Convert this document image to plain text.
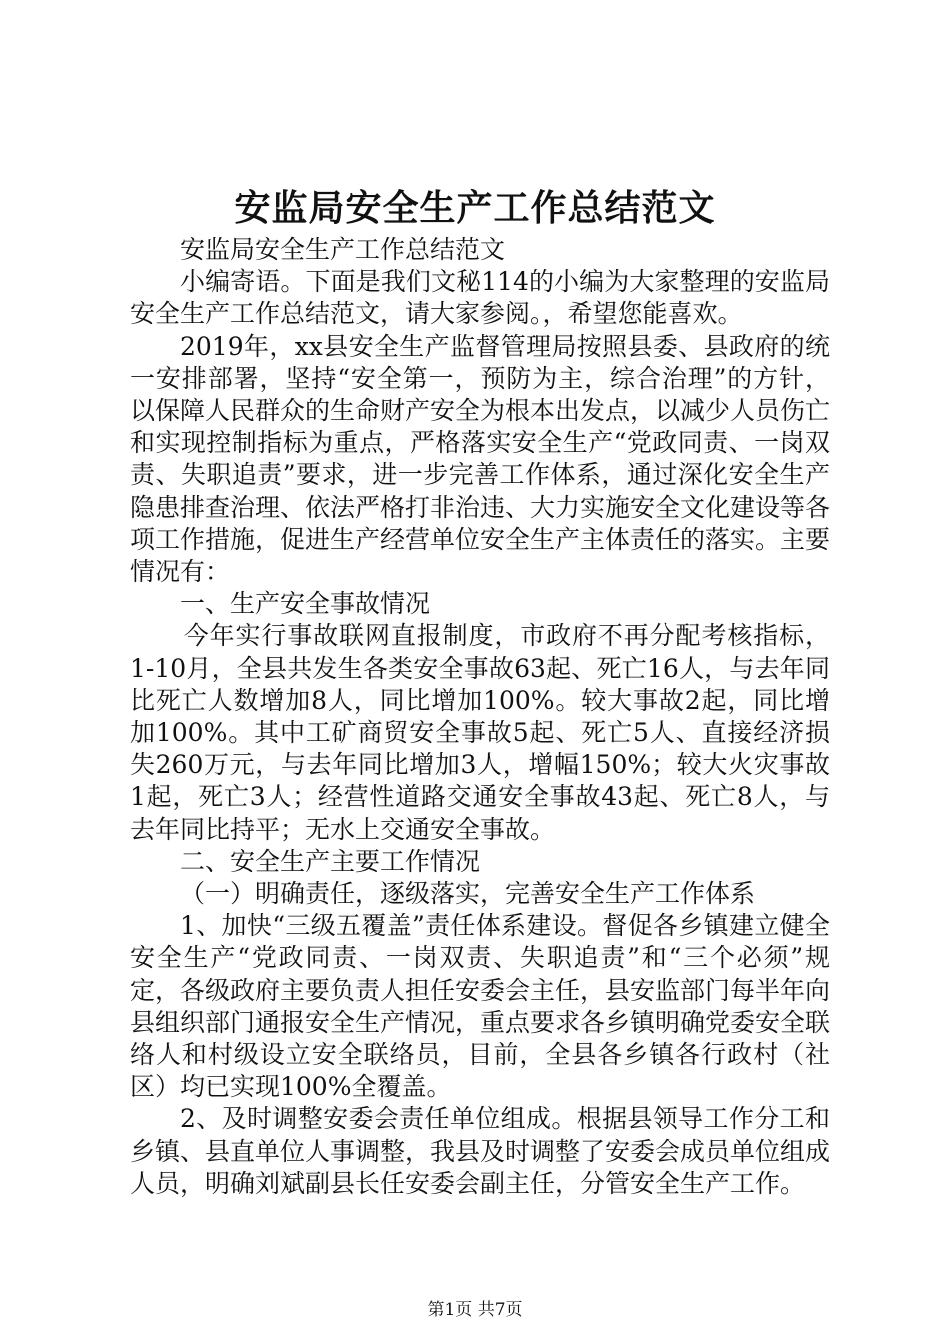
安监局安全生产工作总结范文

安监局安全生产工作总结范文

小编寄语。下面是我们文秘114的小编为大家整理的安监局安全生产工作总结范文，请大家参阅。，希望您能喜欢。

2019年，xx县安全生产监督管理局按照县委、县政府的统一安排部署，坚持“安全第一，预防为主，综合治理”的方针，以保障人民群众的生命财产安全为根本出发点，以减少人员伤亡和实现控制指标为重点，严格落实安全生产“党政同责、一岗双责、失职追责”要求，进一步完善工作体系，通过深化安全生产隐患排查治理、依法严格打非治违、大力实施安全文化建设等各项工作措施，促进生产经营单位安全生产主体责任的落实。主要情况有：

一、生产安全事故情况

今年实行事故联网直报制度，市政府不再分配考核指标，1-10月，全县共发生各类安全事故63起、死亡16人，与去年同比死亡人数增加8人，同比增加100%。较大事故2起，同比增加100%。其中工矿商贸安全事故5起、死亡5人、直接经济损失260万元，与去年同比增加3人，增幅150%；较大火灾事故1起，死亡3人；经营性道路交通安全事故43起、死亡8人，与去年同比持平；无水上交通安全事故。

二、安全生产主要工作情况

（一）明确责任，逐级落实，完善安全生产工作体系

1、加快“三级五覆盖”责任体系建设。督促各乡镇建立健全安全生产“党政同责、一岗双责、失职追责”和“三个必须”规定，各级政府主要负责人担任安委会主任，县安监部门每半年向县组织部门通报安全生产情况，重点要求各乡镇明确党委安全联络人和村级设立安全联络员，目前，全县各乡镇各行政村（社区）均已实现100%全覆盖。

2、及时调整安委会责任单位组成。根据县领导工作分工和乡镇、县直单位人事调整，我县及时调整了安委会成员单位组成人员，明确刘斌副县长任安委会副主任，分管安全生产工作。

第1页 共7页
